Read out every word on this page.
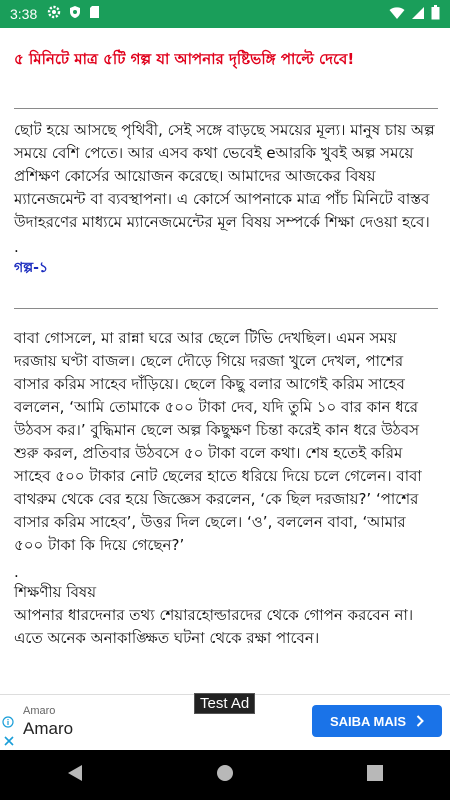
3:38
৫ মিনিটে মাত্র ৫টি গল্প যা আপনার দৃষ্টিভঙ্গি পাল্টে দেবে!
ছোট হয়ে আসছে পৃথিবী, সেই সঙ্গে বাড়ছে সময়ের মূল্য। মানুষ চায় অল্প সময়ে বেশি পেতে। আর এসব কথা ভেবেই eআরকি খুবই অল্প সময়ে প্রশিক্ষণ কোর্সের আয়োজন করেছে। আমাদের আজকের বিষয় ম্যানেজমেন্ট বা ব্যবস্থাপনা। এ কোর্সে আপনাকে মাত্র পাঁচ মিনিটে বাস্তব উদাহরণের মাধ্যমে ম্যানেজমেন্টের মূল বিষয় সম্পর্কে শিক্ষা দেওয়া হবে।
.
গল্প-১
বাবা গোসলে, মা রান্না ঘরে আর ছেলে টিভি দেখছিল। এমন সময় দরজায় ঘণ্টা বাজল। ছেলে দৌড়ে গিয়ে দরজা খুলে দেখল, পাশের বাসার করিম সাহেব দাঁড়িয়ে। ছেলে কিছু বলার আগেই করিম সাহেব বললেন, ‘আমি তোমাকে ৫০০ টাকা দেব, যদি তুমি ১০ বার কান ধরে উঠবস কর।’ বুদ্ধিমান ছেলে অল্প কিছুক্ষণ চিন্তা করেই কান ধরে উঠবস শুরু করল, প্রতিবার উঠবসে ৫০ টাকা বলে কথা। শেষ হতেই করিম সাহেব ৫০০ টাকার নোট ছেলের হাতে ধরিয়ে দিয়ে চলে গেলেন। বাবা বাথরুম থেকে বের হয়ে জিজ্ঞেস করলেন, ‘কে ছিল দরজায়?’ ‘পাশের বাসার করিম সাহেব’, উত্তর দিল ছেলে। ‘ও’, বললেন বাবা, ‘আমার ৫০০ টাকা কি দিয়ে গেছেন?’
.
শিক্ষণীয় বিষয়
আপনার ধারদেনার তথ্য শেয়ারহোল্ডারদের থেকে গোপন করবেন না। এতে অনেক অনাকাঙ্ক্ষিত ঘটনা থেকে রক্ষা পাবেন।
Test Ad
Amaro
Amaro	SAIBA MAIS
